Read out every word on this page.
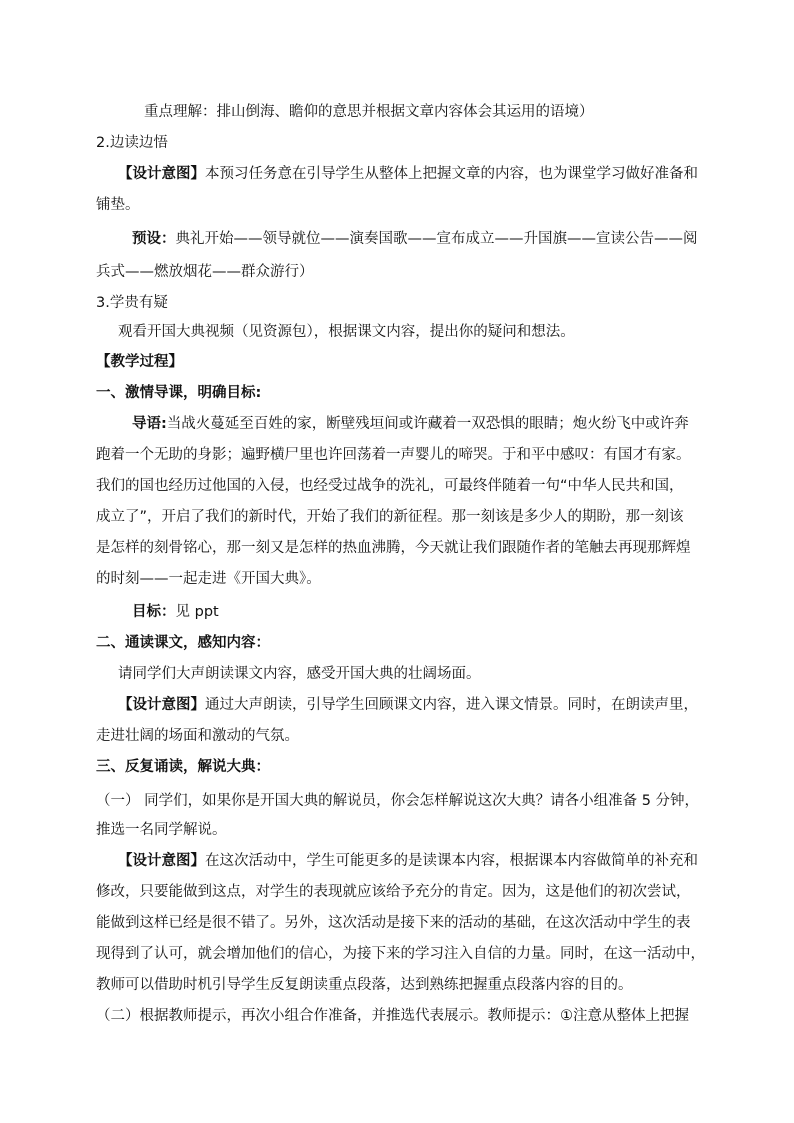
重点理解：排山倒海、瞻仰的意思并根据文章内容体会其运用的语境）
2.边读边悟
【设计意图】本预习任务意在引导学生从整体上把握文章的内容，也为课堂学习做好准备和
铺垫。
预设：典礼开始——领导就位——演奏国歌——宣布成立——升国旗——宣读公告——阅
兵式——燃放烟花——群众游行）
3.学贵有疑
观看开国大典视频（见资源包），根据课文内容，提出你的疑问和想法。
【教学过程】
一、激情导课，明确目标:
导语:当战火蔓延至百姓的家，断壁残垣间或许藏着一双恐惧的眼睛；炮火纷飞中或许奔
跑着一个无助的身影；遍野横尸里也许回荡着一声婴儿的啼哭。于和平中感叹：有国才有家。
我们的国也经历过他国的入侵，也经受过战争的洗礼，可最终伴随着一句“中华人民共和国，
成立了”，开启了我们的新时代，开始了我们的新征程。那一刻该是多少人的期盼，那一刻该
是怎样的刻骨铭心，那一刻又是怎样的热血沸腾，今天就让我们跟随作者的笔触去再现那辉煌
的时刻——一起走进《开国大典》。
目标：见 ppt
二、通读课文，感知内容：
请同学们大声朗读课文内容，感受开国大典的壮阔场面。
【设计意图】通过大声朗读，引导学生回顾课文内容，进入课文情景。同时，在朗读声里，
走进壮阔的场面和激动的气氛。
三、反复诵读，解说大典：
（一） 同学们，如果你是开国大典的解说员，你会怎样解说这次大典？请各小组准备 5 分钟，
推选一名同学解说。
【设计意图】在这次活动中，学生可能更多的是读课本内容，根据课本内容做简单的补充和
修改，只要能做到这点，对学生的表现就应该给予充分的肯定。因为，这是他们的初次尝试，
能做到这样已经是很不错了。另外，这次活动是接下来的活动的基础，在这次活动中学生的表
现得到了认可，就会增加他们的信心，为接下来的学习注入自信的力量。同时，在这一活动中，
教师可以借助时机引导学生反复朗读重点段落，达到熟练把握重点段落内容的目的。
（二）根据教师提示，再次小组合作准备，并推选代表展示。教师提示：①注意从整体上把握
